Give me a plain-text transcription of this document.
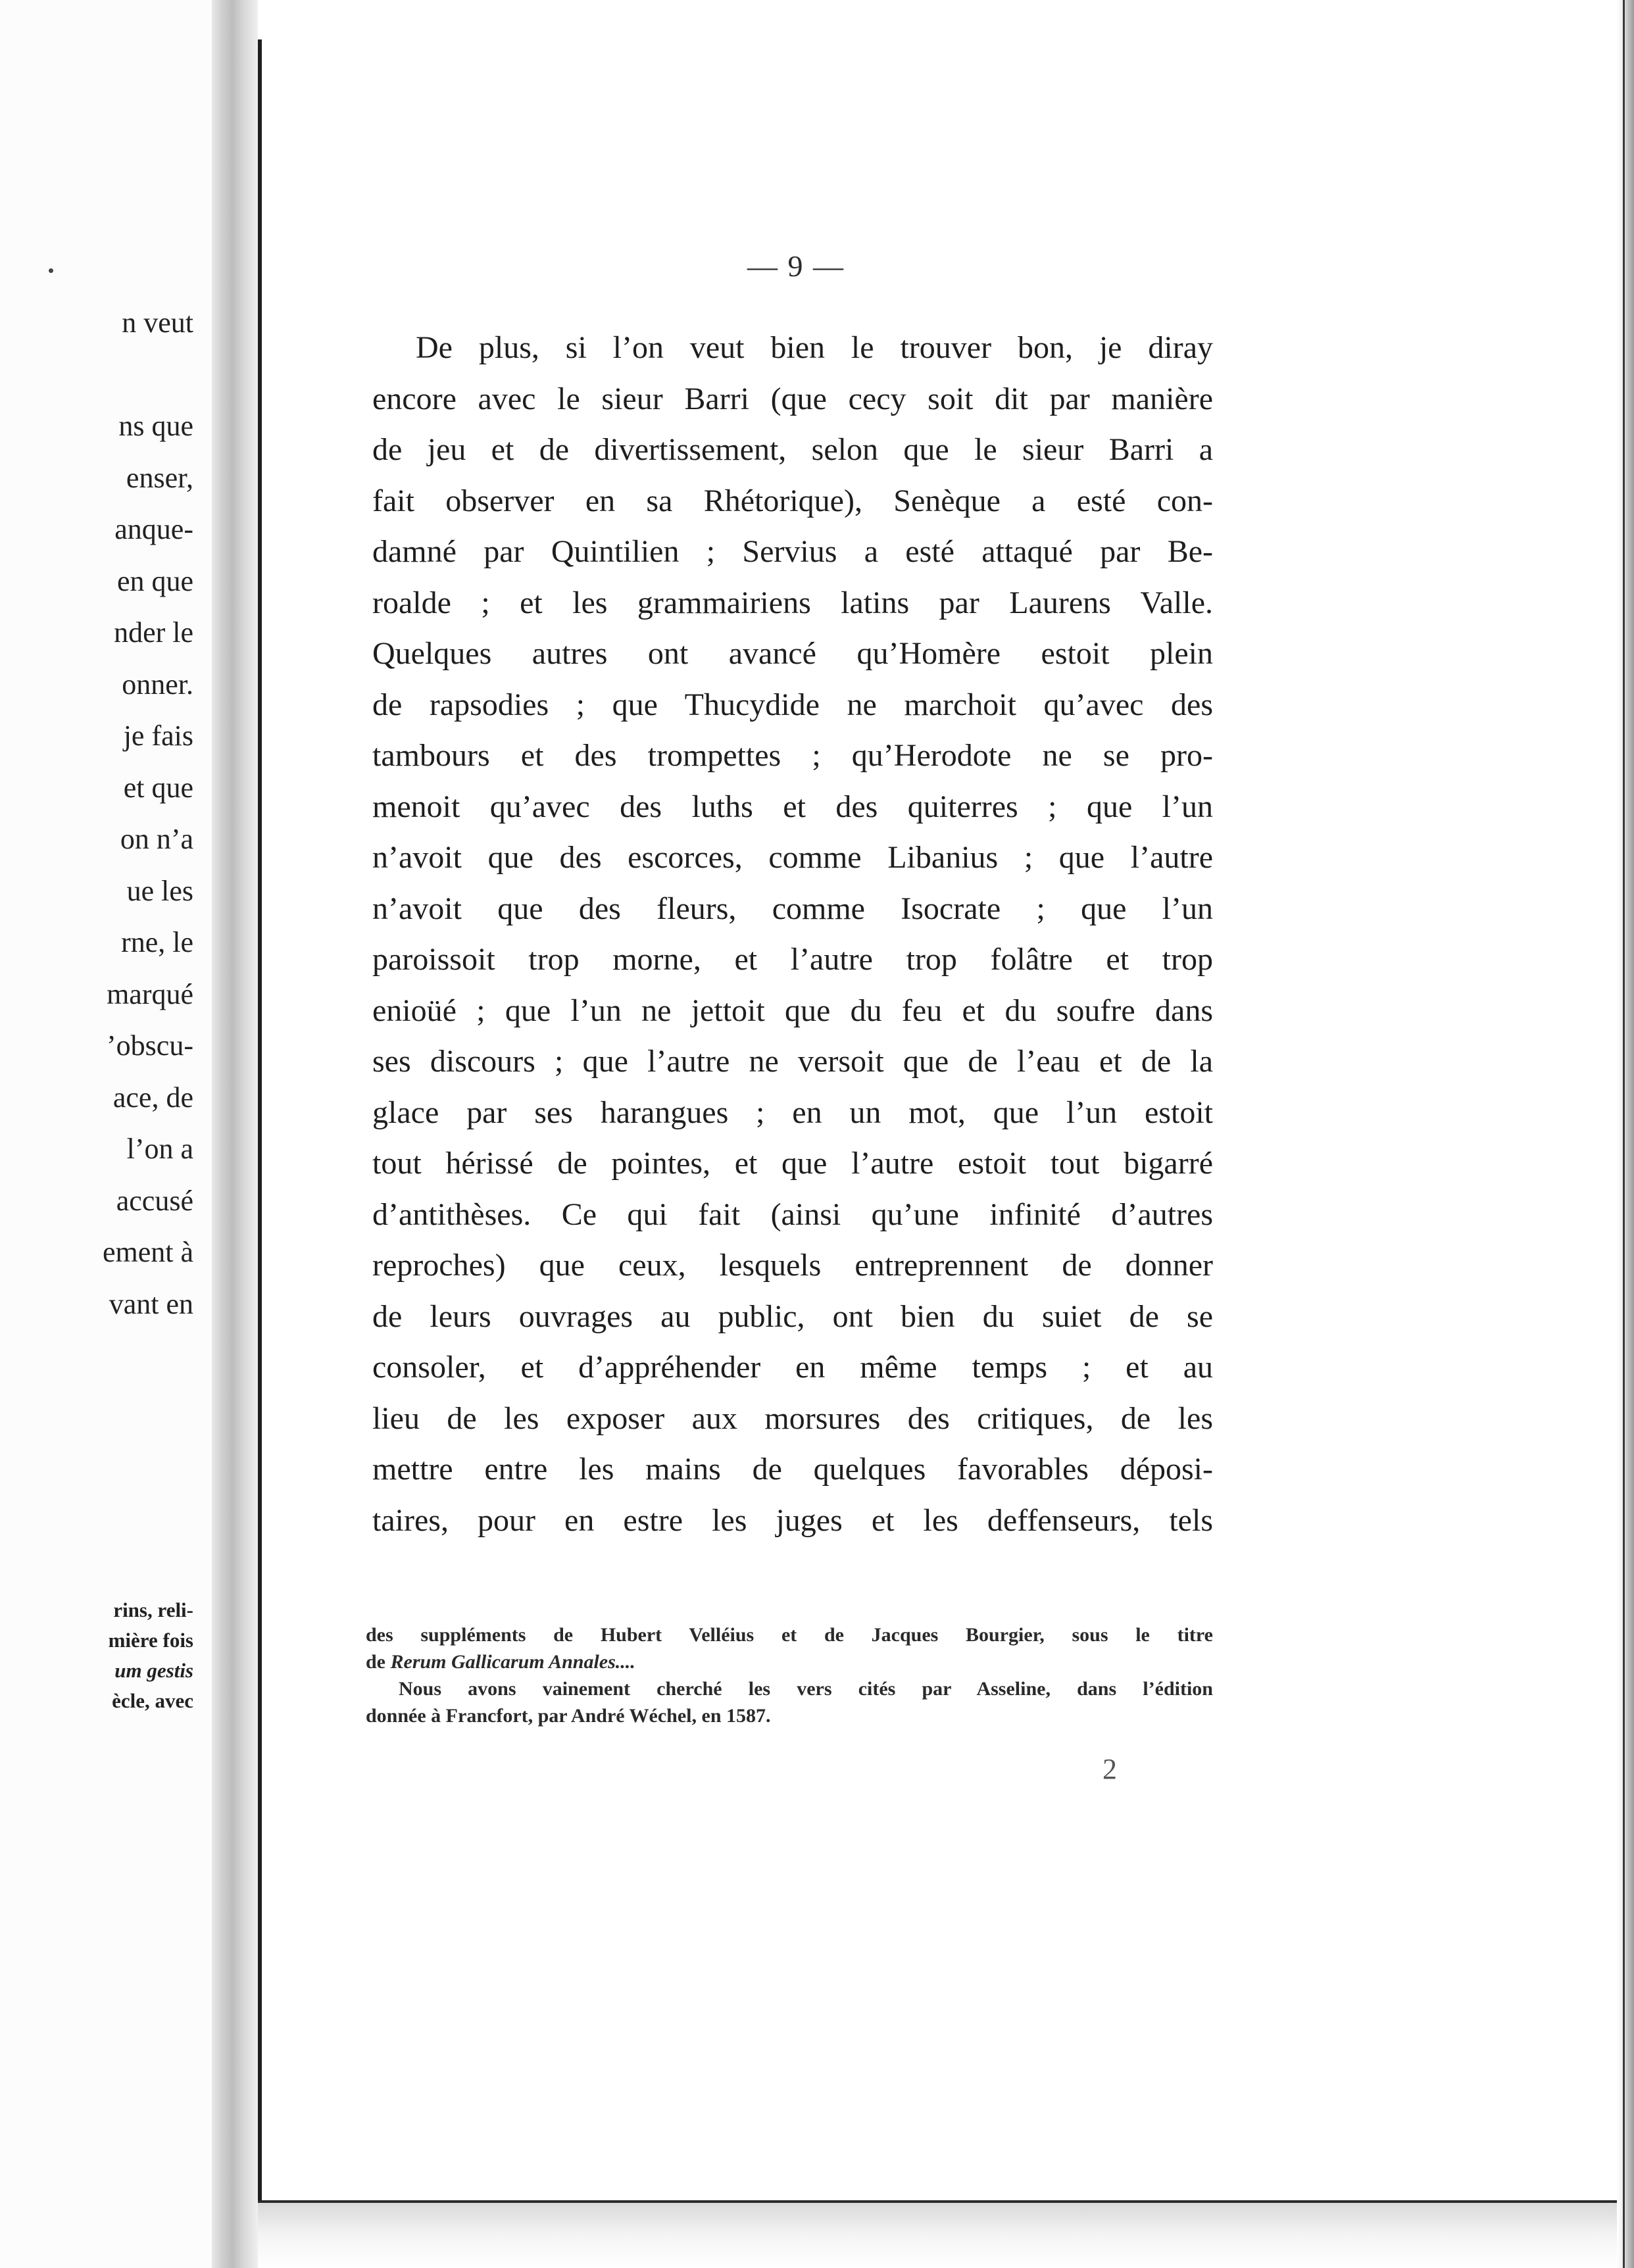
n veut
ns que
enser,
anque-
en que
nder le
onner.
je fais
et que
on n’a
ue les
rne, le
marqué
’obscu-
ace, de
l’on a
accusé
ement à
vant en
rins, reli-
mière fois
um gestis
ècle, avec
— 9 —
De plus, si l’on veut bien le trouver bon, je diray
encore avec le sieur Barri (que cecy soit dit par manière
de jeu et de divertissement, selon que le sieur Barri a
fait observer en sa Rhétorique), Senèque a esté con-
damné par Quintilien ; Servius a esté attaqué par Be-
roalde ; et les grammairiens latins par Laurens Valle.
Quelques autres ont avancé qu’Homère estoit plein
de rapsodies ; que Thucydide ne marchoit qu’avec des
tambours et des trompettes ; qu’Herodote ne se pro-
menoit qu’avec des luths et des quiterres ; que l’un
n’avoit que des escorces, comme Libanius ; que l’autre
n’avoit que des fleurs, comme Isocrate ; que l’un
paroissoit trop morne, et l’autre trop folâtre et trop
enioüé ; que l’un ne jettoit que du feu et du soufre dans
ses discours ; que l’autre ne versoit que de l’eau et de la
glace par ses harangues ; en un mot, que l’un estoit
tout hérissé de pointes, et que l’autre estoit tout bigarré
d’antithèses. Ce qui fait (ainsi qu’une infinité d’autres
reproches) que ceux, lesquels entreprennent de donner
de leurs ouvrages au public, ont bien du suiet de se
consoler, et d’appréhender en même temps ; et au
lieu de les exposer aux morsures des critiques, de les
mettre entre les mains de quelques favorables déposi-
taires, pour en estre les juges et les deffenseurs, tels
des suppléments de Hubert Velléius et de Jacques Bourgier, sous le titre
de Rerum Gallicarum Annales....
Nous avons vainement cherché les vers cités par Asseline, dans l’édition
donnée à Francfort, par André Wéchel, en 1587.
2
